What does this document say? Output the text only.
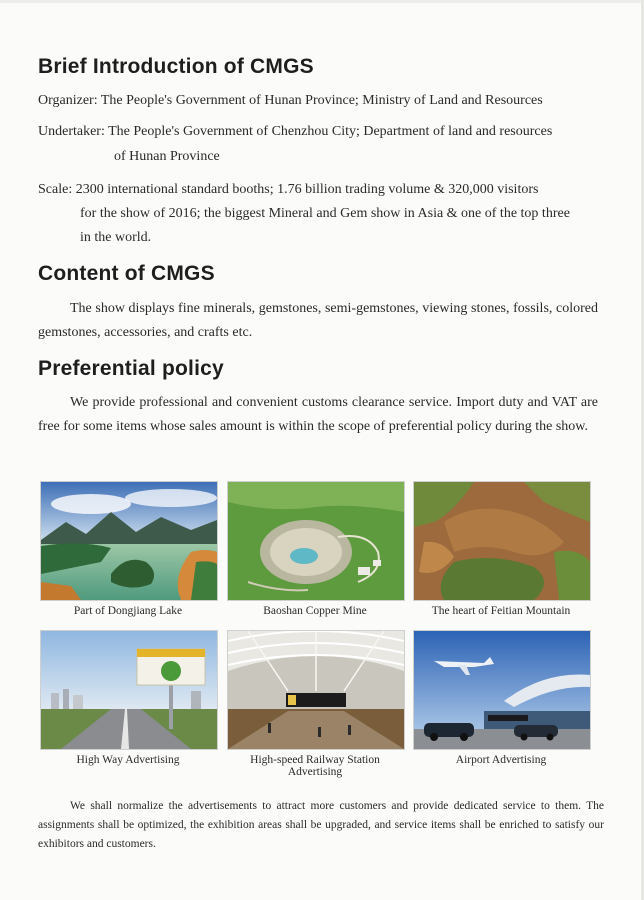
Brief Introduction of CMGS
Organizer: The People's Government of Hunan Province; Ministry of Land and Resources
Undertaker: The People's Government of Chenzhou City; Department of land and resources
of Hunan Province
Scale: 2300 international standard booths; 1.76 billion trading volume & 320,000 visitors
for the show of 2016; the biggest Mineral and Gem show in Asia & one of the top three
in the world.
Content of CMGS
The show displays fine minerals, gemstones, semi-gemstones, viewing stones, fossils, colored gemstones, accessories, and crafts etc.
Preferential policy
We provide professional and convenient customs clearance service. Import duty and VAT are free for some items whose sales amount is within the scope of preferential policy during the show.
Part of Dongjiang Lake	Baoshan Copper Mine	The heart of Feitian Mountain
High Way Advertising	High-speed Railway Station Advertising
Airport Advertising
We shall normalize the advertisements to attract more customers and provide dedicated service to them. The assignments shall be optimized, the exhibition areas shall be upgraded, and service items shall be enriched to satisfy our exhibitors and customers.
